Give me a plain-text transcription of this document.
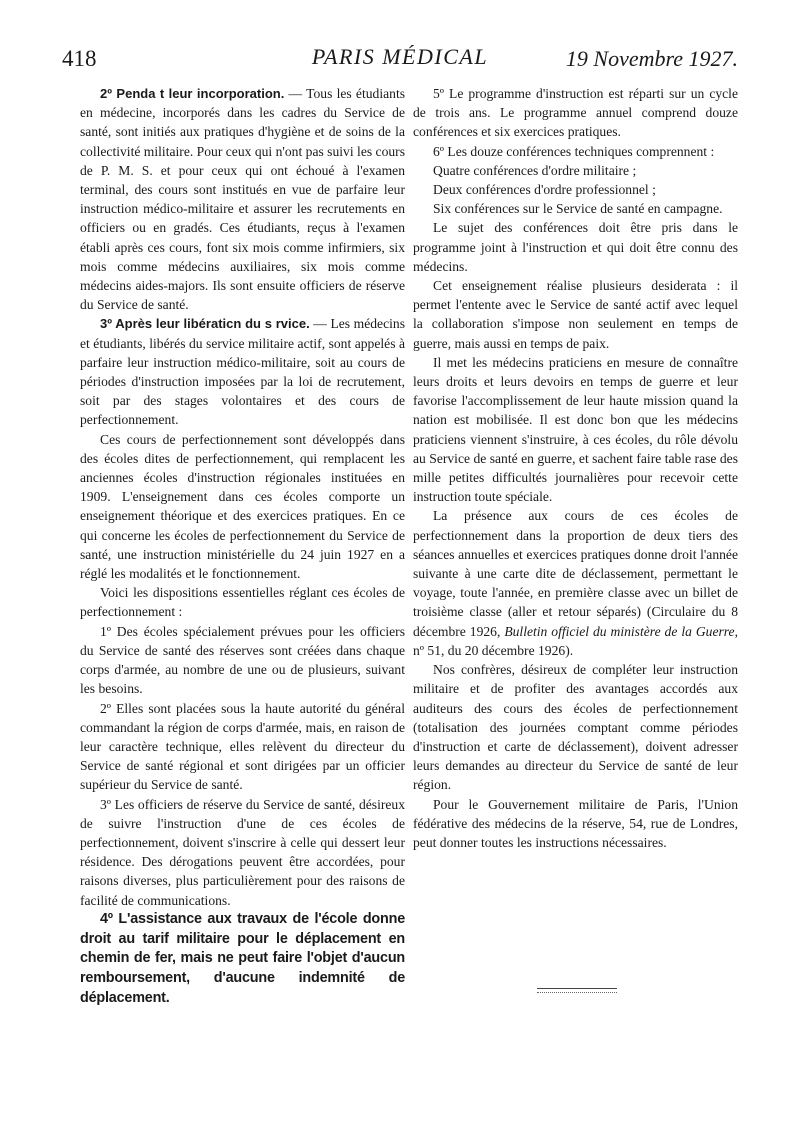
418	PARIS MÉDICAL	19 Novembre 1927.

2º Penda t leur incorporation. — Tous les étudiants en médecine, incorporés dans les cadres du Service de santé, sont initiés aux pratiques d'hygiène et de soins de la collectivité militaire. Pour ceux qui n'ont pas suivi les cours de P. M. S. et pour ceux qui ont échoué à l'examen terminal, des cours sont institués en vue de parfaire leur instruction médico-militaire et assurer les recrutements en officiers ou en gradés. Ces étudiants, reçus à l'examen établi après ces cours, font six mois comme infirmiers, six mois comme médecins auxiliaires, six mois comme médecins aides-majors. Ils sont ensuite officiers de réserve du Service de santé.

3º Après leur libératicn du s rvice. — Les médecins et étudiants, libérés du service militaire actif, sont appelés à parfaire leur instruction médico-militaire, soit au cours de périodes d'instruction imposées par la loi de recrutement, soit par des stages volontaires et des cours de perfectionnement.

Ces cours de perfectionnement sont développés dans des écoles dites de perfectionnement, qui remplacent les anciennes écoles d'instruction régionales instituées en 1909. L'enseignement dans ces écoles comporte un enseignement théorique et des exercices pratiques. En ce qui concerne les écoles de perfectionnement du Service de santé, une instruction ministérielle du 24 juin 1927 en a réglé les modalités et le fonctionnement.

Voici les dispositions essentielles réglant ces écoles de perfectionnement :

1º Des écoles spécialement prévues pour les officiers du Service de santé des réserves sont créées dans chaque corps d'armée, au nombre de une ou de plusieurs, suivant les besoins.

2º Elles sont placées sous la haute autorité du général commandant la région de corps d'armée, mais, en raison de leur caractère technique, elles relèvent du directeur du Service de santé régional et sont dirigées par un officier supérieur du Service de santé.

3º Les officiers de réserve du Service de santé, désireux de suivre l'instruction d'une de ces écoles de perfectionnement, doivent s'inscrire à celle qui dessert leur résidence. Des dérogations peuvent être accordées, pour raisons diverses, plus particulièrement pour des raisons de facilité de communications.

4º L'assistance aux travaux de l'école donne droit au tarif militaire pour le déplacement en chemin de fer, mais ne peut faire l'objet d'aucun remboursement, d'aucune indemnité de déplacement.

5º Le programme d'instruction est réparti sur un cycle de trois ans. Le programme annuel comprend douze conférences et six exercices pratiques.

6º Les douze conférences techniques comprennent :

Quatre conférences d'ordre militaire ;

Deux conférences d'ordre professionnel ;

Six conférences sur le Service de santé en campagne.

Le sujet des conférences doit être pris dans le programme joint à l'instruction et qui doit être connu des médecins.

Cet enseignement réalise plusieurs desiderata : il permet l'entente avec le Service de santé actif avec lequel la collaboration s'impose non seulement en temps de guerre, mais aussi en temps de paix.

Il met les médecins praticiens en mesure de connaître leurs droits et leurs devoirs en temps de guerre et leur favorise l'accomplissement de leur haute mission quand la nation est mobilisée. Il est donc bon que les médecins praticiens viennent s'instruire, à ces écoles, du rôle dévolu au Service de santé en guerre, et sachent faire table rase des mille petites difficultés journalières pour recevoir cette instruction toute spéciale.

La présence aux cours de ces écoles de perfectionnement dans la proportion de deux tiers des séances annuelles et exercices pratiques donne droit l'année suivante à une carte dite de déclassement, permettant le voyage, toute l'année, en première classe avec un billet de troisième classe (aller et retour séparés) (Circulaire du 8 décembre 1926, Bulletin officiel du ministère de la Guerre, nº 51, du 20 décembre 1926).

Nos confrères, désireux de compléter leur instruction militaire et de profiter des avantages accordés aux auditeurs des cours des écoles de perfectionnement (totalisation des journées comptant comme périodes d'instruction et carte de déclassement), doivent adresser leurs demandes au directeur du Service de santé de leur région.

Pour le Gouvernement militaire de Paris, l'Union fédérative des médecins de la réserve, 54, rue de Londres, peut donner toutes les instructions nécessaires.
